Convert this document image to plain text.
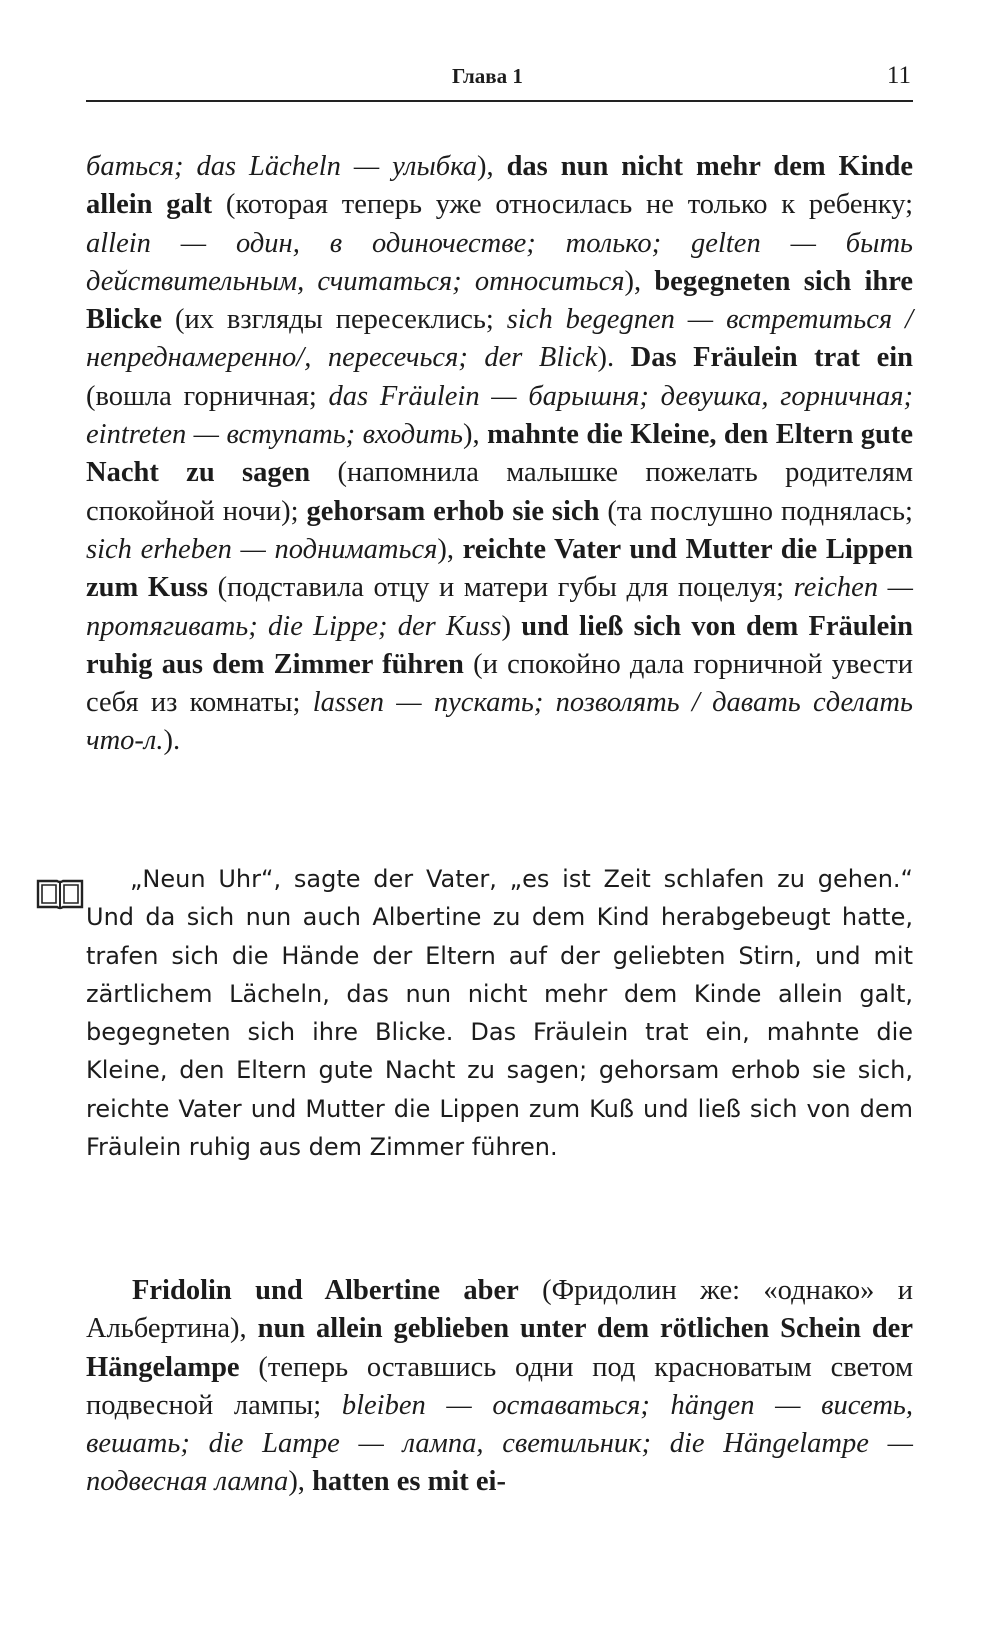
Глава 1	11

баться; das Lächeln — улыбка), das nun nicht mehr dem Kinde allein galt (которая теперь уже относилась не только к ребенку; allein — один, в одиночестве; только; gelten — быть действительным, считаться; относиться), begegneten sich ihre Blicke (их взгляды пересеклись; sich begegnen — встретиться /непреднамеренно/, пересечься; der Blick). Das Fräulein trat ein (вошла горничная; das Fräulein — барышня; девушка, горничная; eintreten — вступать; входить), mahnte die Kleine, den Eltern gute Nacht zu sagen (напомнила малышке пожелать родителям спокойной ночи); gehorsam erhob sie sich (та послушно поднялась; sich erheben — подниматься), reichte Vater und Mutter die Lippen zum Kuss (подставила отцу и матери губы для поцелуя; reichen — протягивать; die Lippe; der Kuss) und ließ sich von dem Fräulein ruhig aus dem Zimmer führen (и спокойно дала горничной увести себя из комнаты; lassen — пускать; позволять / давать сделать что-л.).

„Neun Uhr“, sagte der Vater, „es ist Zeit schlafen zu gehen.“ Und da sich nun auch Albertine zu dem Kind herabgebeugt hatte, trafen sich die Hände der Eltern auf der geliebten Stirn, und mit zärtlichem Lächeln, das nun nicht mehr dem Kinde allein galt, begegneten sich ihre Blicke. Das Fräulein trat ein, mahnte die Kleine, den Eltern gute Nacht zu sagen; gehorsam erhob sie sich, reichte Vater und Mutter die Lippen zum Kuß und ließ sich von dem Fräulein ruhig aus dem Zimmer führen.

Fridolin und Albertine aber (Фридолин же: «однако» и Альбертина), nun allein geblieben unter dem rötlichen Schein der Hängelampe (теперь оставшись одни под красноватым светом подвесной лампы; bleiben — оставаться; hängen — висеть, вешать; die Lampe — лампа, светильник; die Hängelampe — подвесная лампа), hatten es mit ei-
